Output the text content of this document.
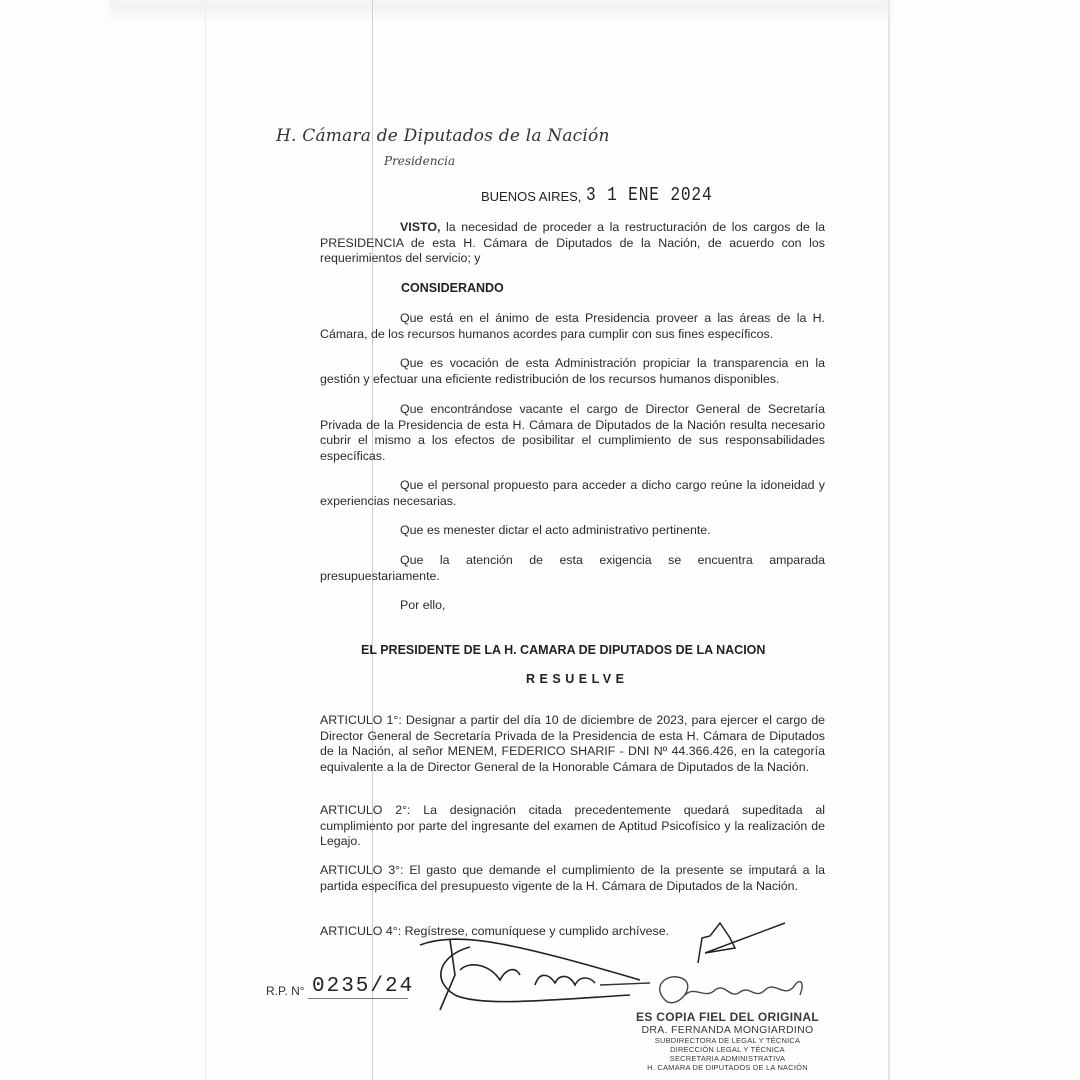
H. Cámara de Diputados de la Nación
Presidencia
BUENOS AIRES, 3 1 ENE 2024
VISTO, la necesidad de proceder a la restructuración de los cargos de la PRESIDENCIA de esta H. Cámara de Diputados de la Nación, de acuerdo con los requerimientos del servicio; y
CONSIDERANDO
Que está en el ánimo de esta Presidencia proveer a las áreas de la H. Cámara, de los recursos humanos acordes para cumplir con sus fines específicos.
Que es vocación de esta Administración propiciar la transparencia en la gestión y efectuar una eficiente redistribución de los recursos humanos disponibles.
Que encontrándose vacante el cargo de Director General de Secretaría Privada de la Presidencia de esta H. Cámara de Diputados de la Nación resulta necesario cubrir el mismo a los efectos de posibilitar el cumplimiento de sus responsabilidades específicas.
Que el personal propuesto para acceder a dicho cargo reúne la idoneidad y experiencias necesarias.
Que es menester dictar el acto administrativo pertinente.
Que la atención de esta exigencia se encuentra amparada presupuestariamente.
Por ello,
EL PRESIDENTE DE LA H. CAMARA DE DIPUTADOS DE LA NACION
RESUELVE
ARTICULO 1°: Designar a partir del día 10 de diciembre de 2023, para ejercer el cargo de Director General de Secretaría Privada de la Presidencia de esta H. Cámara de Diputados de la Nación, al señor MENEM, FEDERICO SHARIF - DNI Nº 44.366.426, en la categoría equivalente a la de Director General de la Honorable Cámara de Diputados de la Nación.
ARTICULO 2°: La designación citada precedentemente quedará supeditada al cumplimiento por parte del ingresante del examen de Aptitud Psicofísico y la realización de Legajo.
ARTICULO 3°: El gasto que demande el cumplimiento de la presente se imputará a la partida específica del presupuesto vigente de la H. Cámara de Diputados de la Nación.
ARTICULO 4°: Regístrese, comuníquese y cumplido archívese.
R.P. N° 0235/24
ES COPIA FIEL DEL ORIGINAL
DRA. FERNANDA MONGIARDINO
SUBDIRECTORA DE LEGAL Y TÉCNICA
DIRECCIÓN LEGAL Y TÉCNICA
SECRETARIA ADMINISTRATIVA
H. CAMARA DE DIPUTADOS DE LA NACIÓN
